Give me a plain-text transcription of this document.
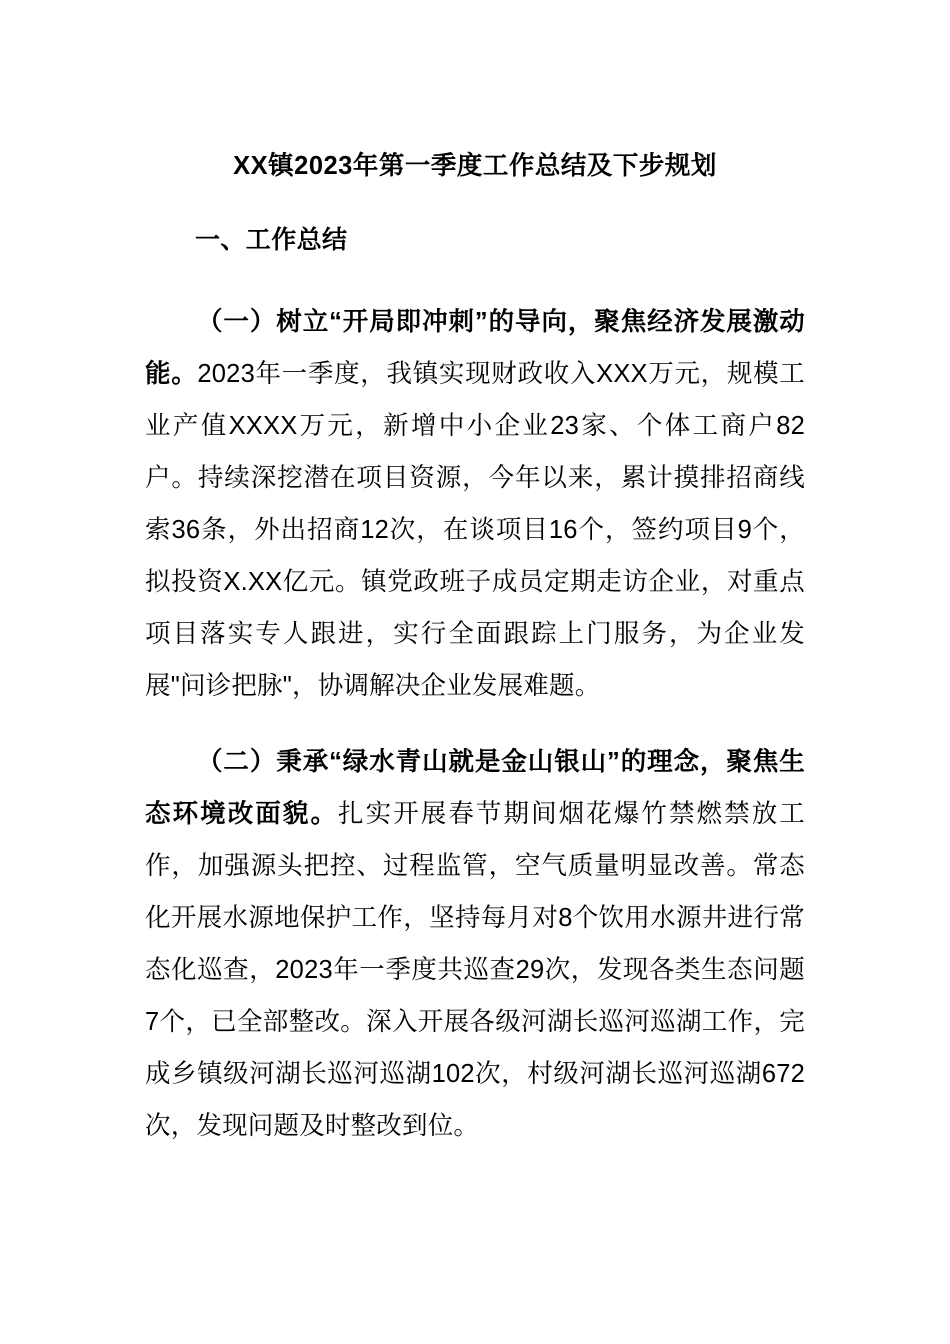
XX镇2023年第一季度工作总结及下步规划
一、工作总结

（一）树立“开局即冲刺”的导向，聚焦经济发展激动能。2023年一季度，我镇实现财政收入XXX万元，规模工业产值XXXX万元，新增中小企业23家、个体工商户82户。持续深挖潜在项目资源，今年以来，累计摸排招商线索36条，外出招商12次，在谈项目16个，签约项目9个，拟投资X.XX亿元。镇党政班子成员定期走访企业，对重点项目落实专人跟进，实行全面跟踪上门服务，为企业发展"问诊把脉"，协调解决企业发展难题。

（二）秉承“绿水青山就是金山银山”的理念，聚焦生态环境改面貌。扎实开展春节期间烟花爆竹禁燃禁放工作，加强源头把控、过程监管，空气质量明显改善。常态化开展水源地保护工作，坚持每月对8个饮用水源井进行常态化巡查，2023年一季度共巡查29次，发现各类生态问题7个，已全部整改。深入开展各级河湖长巡河巡湖工作，完成乡镇级河湖长巡河巡湖102次，村级河湖长巡河巡湖672次，发现问题及时整改到位。
